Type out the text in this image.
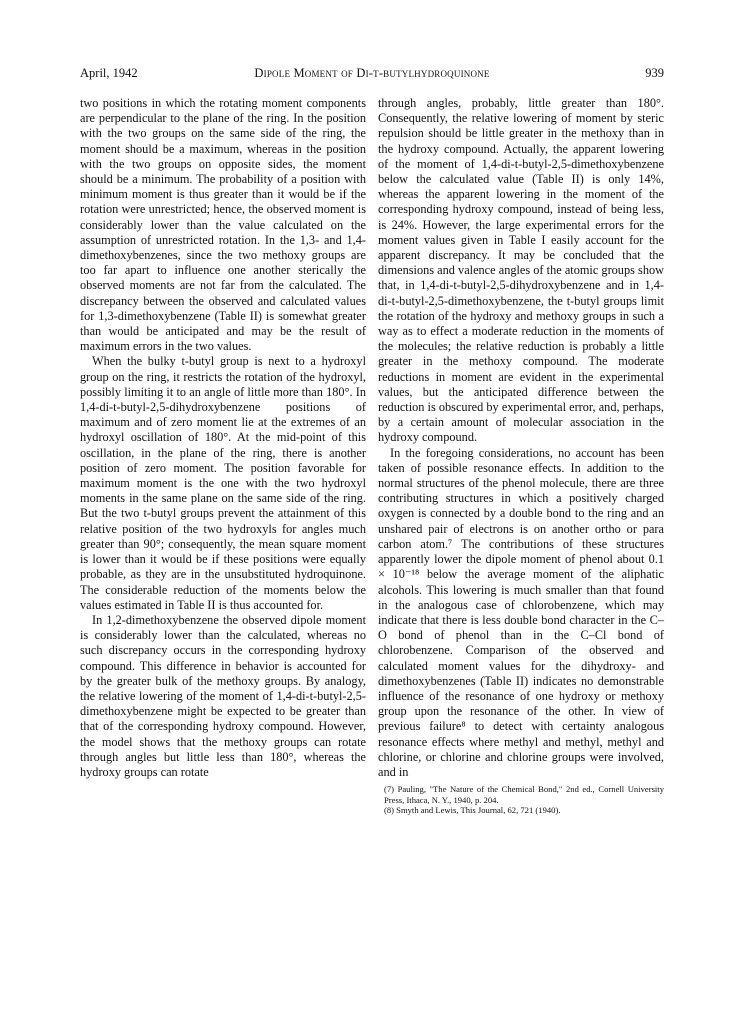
April, 1942	Dipole Moment of Di-t-butylhydroquinone	939

two positions in which the rotating moment components are perpendicular to the plane of the ring. In the position with the two groups on the same side of the ring, the moment should be a maximum, whereas in the position with the two groups on opposite sides, the moment should be a minimum. The probability of a position with minimum moment is thus greater than it would be if the rotation were unrestricted; hence, the observed moment is considerably lower than the value calculated on the assumption of unrestricted rotation. In the 1,3- and 1,4-dimethoxybenzenes, since the two methoxy groups are too far apart to influence one another sterically the observed moments are not far from the calculated. The discrepancy between the observed and calculated values for 1,3-dimethoxybenzene (Table II) is somewhat greater than would be anticipated and may be the result of maximum errors in the two values.

When the bulky t-butyl group is next to a hydroxyl group on the ring, it restricts the rotation of the hydroxyl, possibly limiting it to an angle of little more than 180°. In 1,4-di-t-butyl-2,5-dihydroxybenzene positions of maximum and of zero moment lie at the extremes of an hydroxyl oscillation of 180°. At the mid-point of this oscillation, in the plane of the ring, there is another position of zero moment. The position favorable for maximum moment is the one with the two hydroxyl moments in the same plane on the same side of the ring. But the two t-butyl groups prevent the attainment of this relative position of the two hydroxyls for angles much greater than 90°; consequently, the mean square moment is lower than it would be if these positions were equally probable, as they are in the unsubstituted hydroquinone. The considerable reduction of the moments below the values estimated in Table II is thus accounted for.

In 1,2-dimethoxybenzene the observed dipole moment is considerably lower than the calculated, whereas no such discrepancy occurs in the corresponding hydroxy compound. This difference in behavior is accounted for by the greater bulk of the methoxy groups. By analogy, the relative lowering of the moment of 1,4-di-t-butyl-2,5-dimethoxybenzene might be expected to be greater than that of the corresponding hydroxy compound. However, the model shows that the methoxy groups can rotate through angles but little less than 180°, whereas the hydroxy groups can rotate

through angles, probably, little greater than 180°. Consequently, the relative lowering of moment by steric repulsion should be little greater in the methoxy than in the hydroxy compound. Actually, the apparent lowering of the moment of 1,4-di-t-butyl-2,5-dimethoxybenzene below the calculated value (Table II) is only 14%, whereas the apparent lowering in the moment of the corresponding hydroxy compound, instead of being less, is 24%. However, the large experimental errors for the moment values given in Table I easily account for the apparent discrepancy. It may be concluded that the dimensions and valence angles of the atomic groups show that, in 1,4-di-t-butyl-2,5-dihydroxybenzene and in 1,4-di-t-butyl-2,5-dimethoxybenzene, the t-butyl groups limit the rotation of the hydroxy and methoxy groups in such a way as to effect a moderate reduction in the moments of the molecules; the relative reduction is probably a little greater in the methoxy compound. The moderate reductions in moment are evident in the experimental values, but the anticipated difference between the reduction is obscured by experimental error, and, perhaps, by a certain amount of molecular association in the hydroxy compound.

In the foregoing considerations, no account has been taken of possible resonance effects. In addition to the normal structures of the phenol molecule, there are three contributing structures in which a positively charged oxygen is connected by a double bond to the ring and an unshared pair of electrons is on another ortho or para carbon atom.⁷ The contributions of these structures apparently lower the dipole moment of phenol about 0.1 × 10⁻¹⁸ below the average moment of the aliphatic alcohols. This lowering is much smaller than that found in the analogous case of chlorobenzene, which may indicate that there is less double bond character in the C–O bond of phenol than in the C–Cl bond of chlorobenzene. Comparison of the observed and calculated moment values for the dihydroxy- and dimethoxybenzenes (Table II) indicates no demonstrable influence of the resonance of one hydroxy or methoxy group upon the resonance of the other. In view of previous failure⁸ to detect with certainty analogous resonance effects where methyl and methyl, methyl and chlorine, or chlorine and chlorine groups were involved, and in

(7) Pauling, "The Nature of the Chemical Bond," 2nd ed., Cornell University Press, Ithaca, N. Y., 1940, p. 204.

(8) Smyth and Lewis, This Journal, 62, 721 (1940).
